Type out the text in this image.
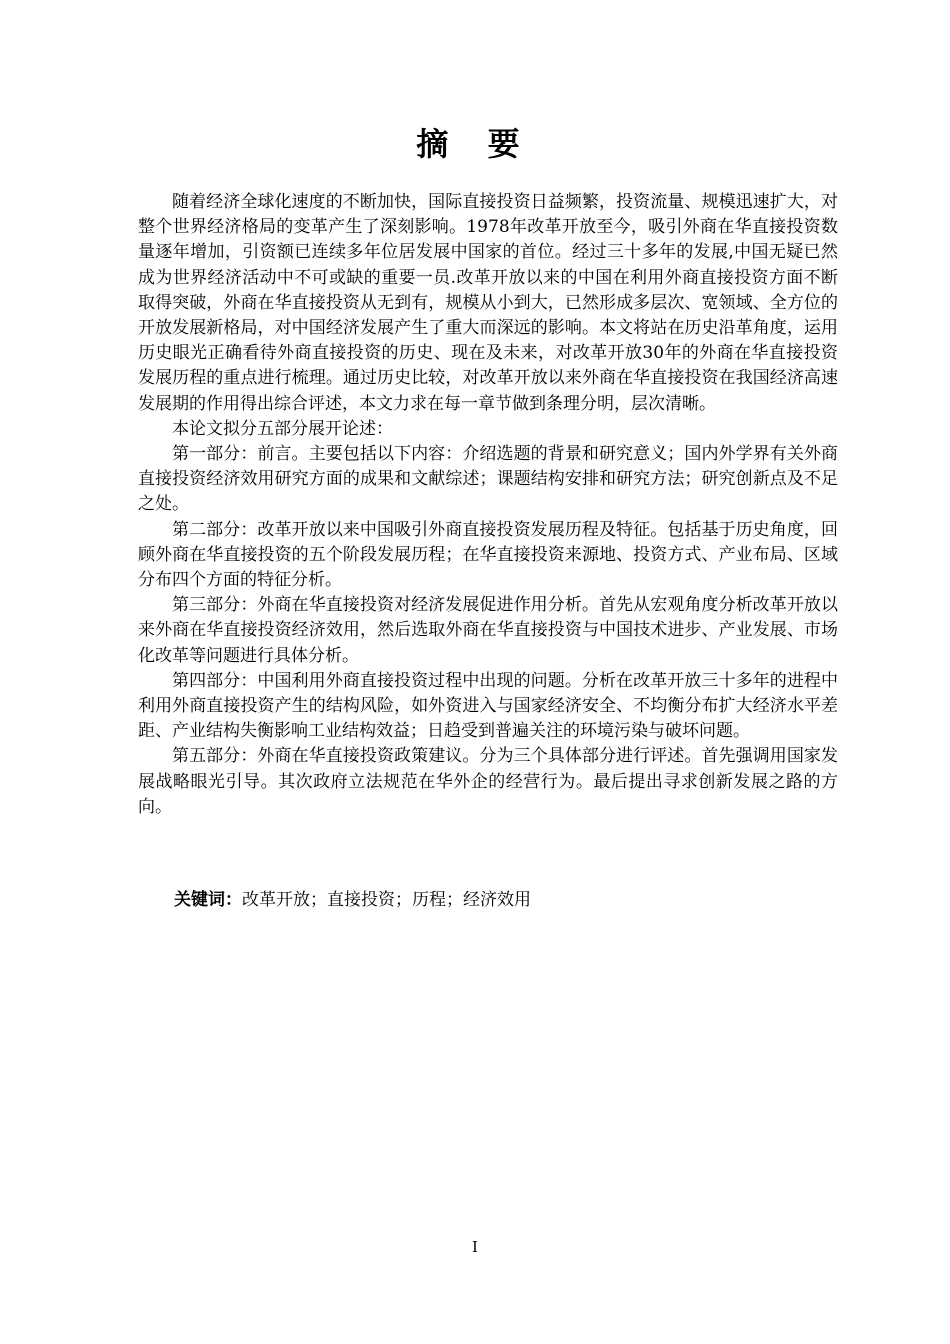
摘 要

随着经济全球化速度的不断加快，国际直接投资日益频繁，投资流量、规模迅速扩大，对整个世界经济格局的变革产生了深刻影响。1978年改革开放至今，吸引外商在华直接投资数量逐年增加，引资额已连续多年位居发展中国家的首位。经过三十多年的发展,中国无疑已然成为世界经济活动中不可或缺的重要一员.改革开放以来的中国在利用外商直接投资方面不断取得突破，外商在华直接投资从无到有，规模从小到大，已然形成多层次、宽领域、全方位的开放发展新格局，对中国经济发展产生了重大而深远的影响。本文将站在历史沿革角度，运用历史眼光正确看待外商直接投资的历史、现在及未来，对改革开放30年的外商在华直接投资发展历程的重点进行梳理。通过历史比较，对改革开放以来外商在华直接投资在我国经济高速发展期的作用得出综合评述，本文力求在每一章节做到条理分明，层次清晰。

本论文拟分五部分展开论述：

第一部分：前言。主要包括以下内容：介绍选题的背景和研究意义；国内外学界有关外商直接投资经济效用研究方面的成果和文献综述；课题结构安排和研究方法；研究创新点及不足之处。

第二部分：改革开放以来中国吸引外商直接投资发展历程及特征。包括基于历史角度，回顾外商在华直接投资的五个阶段发展历程；在华直接投资来源地、投资方式、产业布局、区域分布四个方面的特征分析。

第三部分：外商在华直接投资对经济发展促进作用分析。首先从宏观角度分析改革开放以来外商在华直接投资经济效用，然后选取外商在华直接投资与中国技术进步、产业发展、市场化改革等问题进行具体分析。

第四部分：中国利用外商直接投资过程中出现的问题。分析在改革开放三十多年的进程中利用外商直接投资产生的结构风险，如外资进入与国家经济安全、不均衡分布扩大经济水平差距、产业结构失衡影响工业结构效益；日趋受到普遍关注的环境污染与破坏问题。

第五部分：外商在华直接投资政策建议。分为三个具体部分进行评述。首先强调用国家发展战略眼光引导。其次政府立法规范在华外企的经营行为。最后提出寻求创新发展之路的方向。

关键词：改革开放；直接投资；历程；经济效用
I
